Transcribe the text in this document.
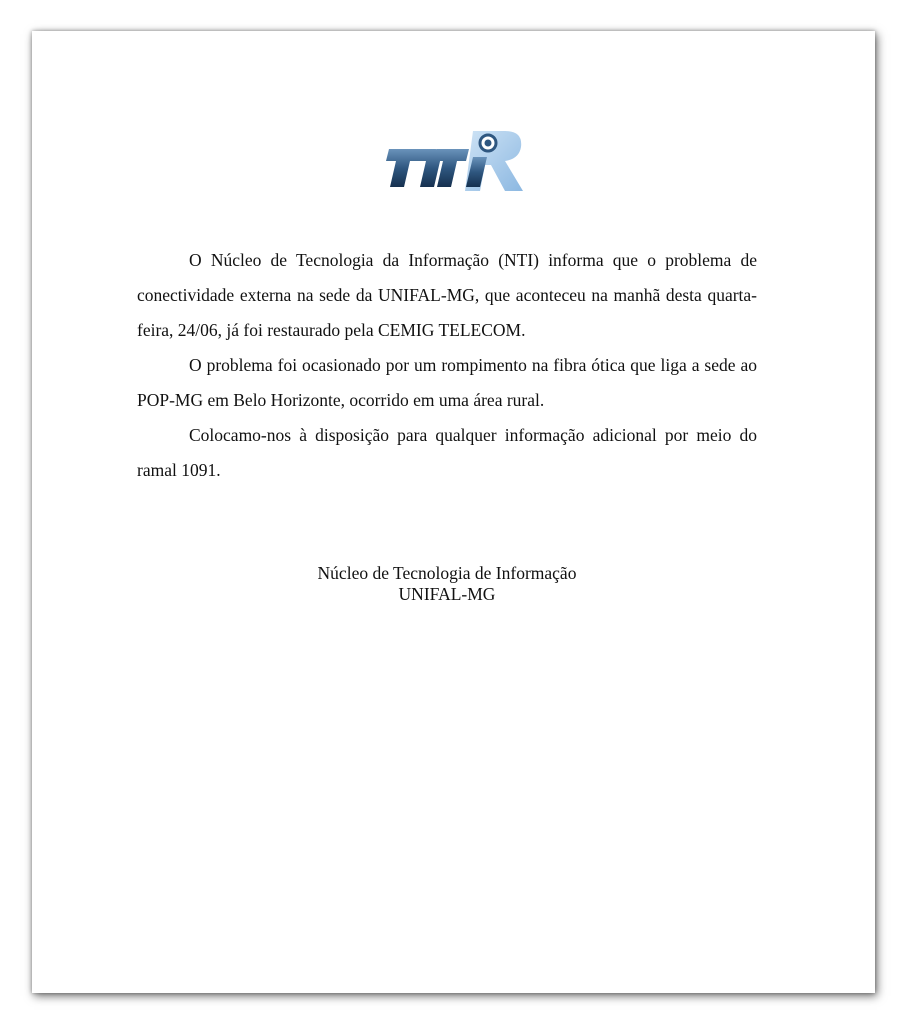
O Núcleo de Tecnologia da Informação (NTI) informa que o problema de conectividade externa na sede da UNIFAL-MG, que aconteceu na manhã desta quarta-feira, 24/06, já foi restaurado pela CEMIG TELECOM.

O problema foi ocasionado por um rompimento na fibra ótica que liga a sede ao POP-MG em Belo Horizonte, ocorrido em uma área rural.

Colocamo-nos à disposição para qualquer informação adicional por meio do ramal 1091.

Núcleo de Tecnologia de Informação
UNIFAL-MG
